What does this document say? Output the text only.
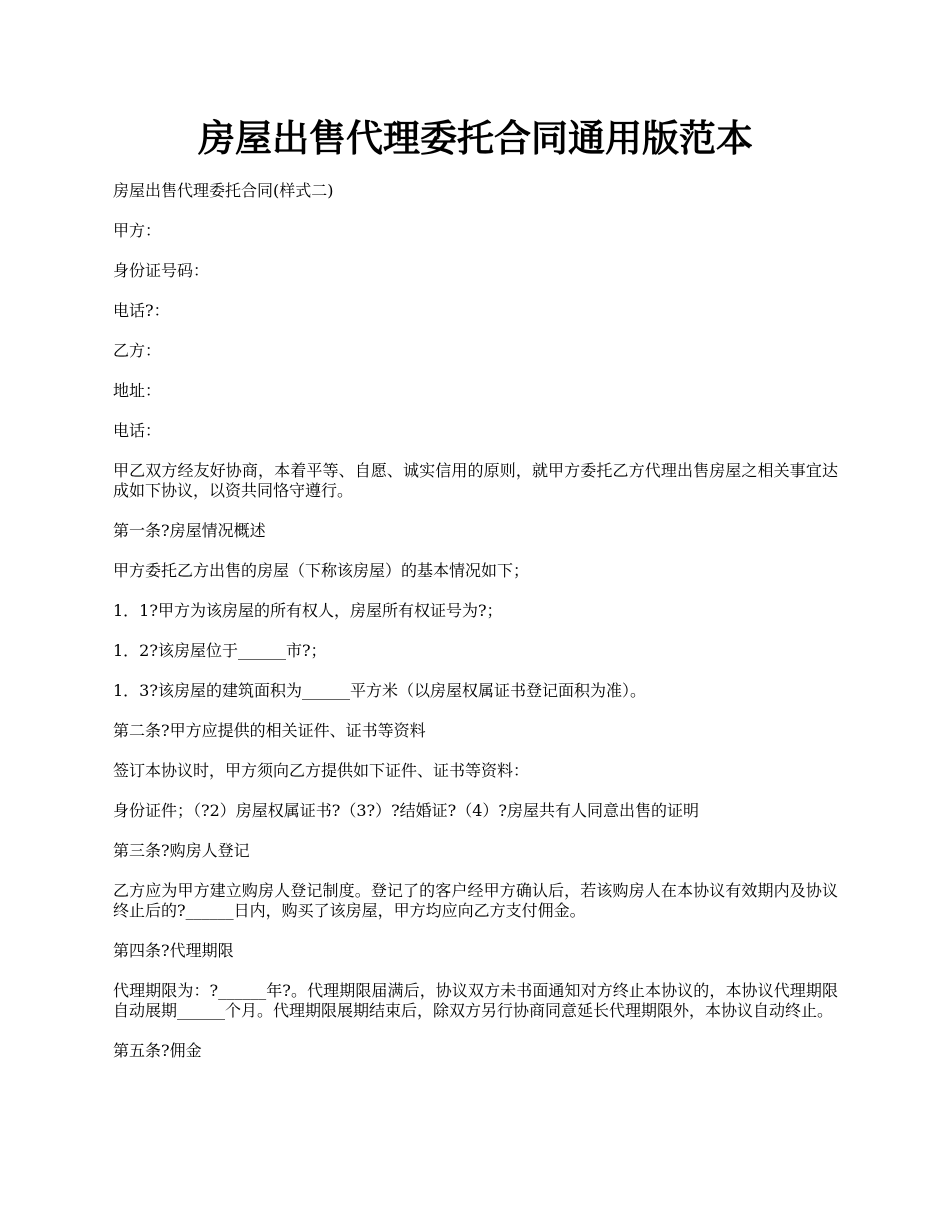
房屋出售代理委托合同通用版范本

房屋出售代理委托合同(样式二)

甲方：

身份证号码：

电话?：

乙方：

地址：

电话：

甲乙双方经友好协商，本着平等、自愿、诚实信用的原则，就甲方委托乙方代理出售房屋之相关事宜达成如下协议，以资共同恪守遵行。

第一条?房屋情况概述

甲方委托乙方出售的房屋（下称该房屋）的基本情况如下；

1．1?甲方为该房屋的所有权人，房屋所有权证号为?；

1．2?该房屋位于______市?；

1．3?该房屋的建筑面积为______平方米（以房屋权属证书登记面积为准）。

第二条?甲方应提供的相关证件、证书等资料

签订本协议时，甲方须向乙方提供如下证件、证书等资料：

身份证件；（?2）房屋权属证书?（3?）?结婚证?（4）?房屋共有人同意出售的证明

第三条?购房人登记

乙方应为甲方建立购房人登记制度。登记了的客户经甲方确认后，若该购房人在本协议有效期内及协议终止后的?______日内，购买了该房屋，甲方均应向乙方支付佣金。

第四条?代理期限

代理期限为：?______年?。代理期限届满后，协议双方未书面通知对方终止本协议的，本协议代理期限自动展期______个月。代理期限展期结束后，除双方另行协商同意延长代理期限外，本协议自动终止。

第五条?佣金
